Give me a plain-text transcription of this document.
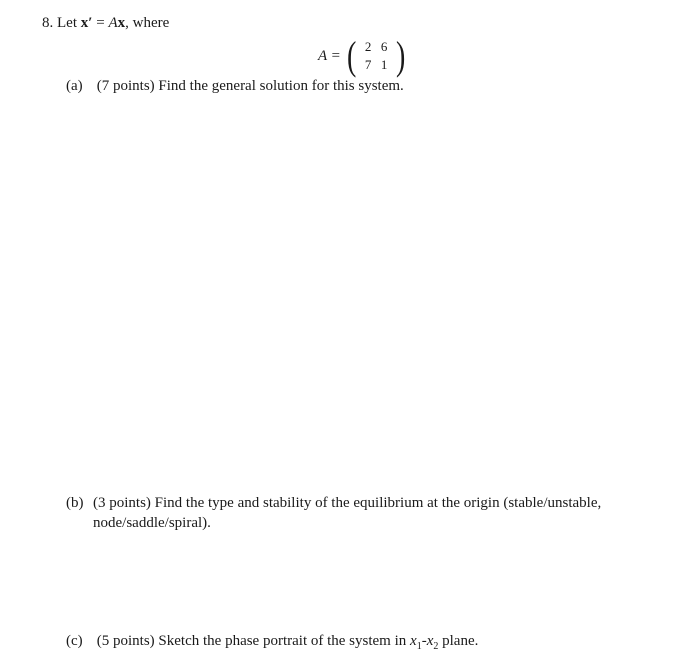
8. Let x′ = Ax, where
A = ( 2 6
7 1 )
(a) (7 points) Find the general solution for this system.
(b) (3 points) Find the type and stability of the equilibrium at the origin (stable/unstable,
node/saddle/spiral).
(c) (5 points) Sketch the phase portrait of the system in $x_1-x_2$ plane.
